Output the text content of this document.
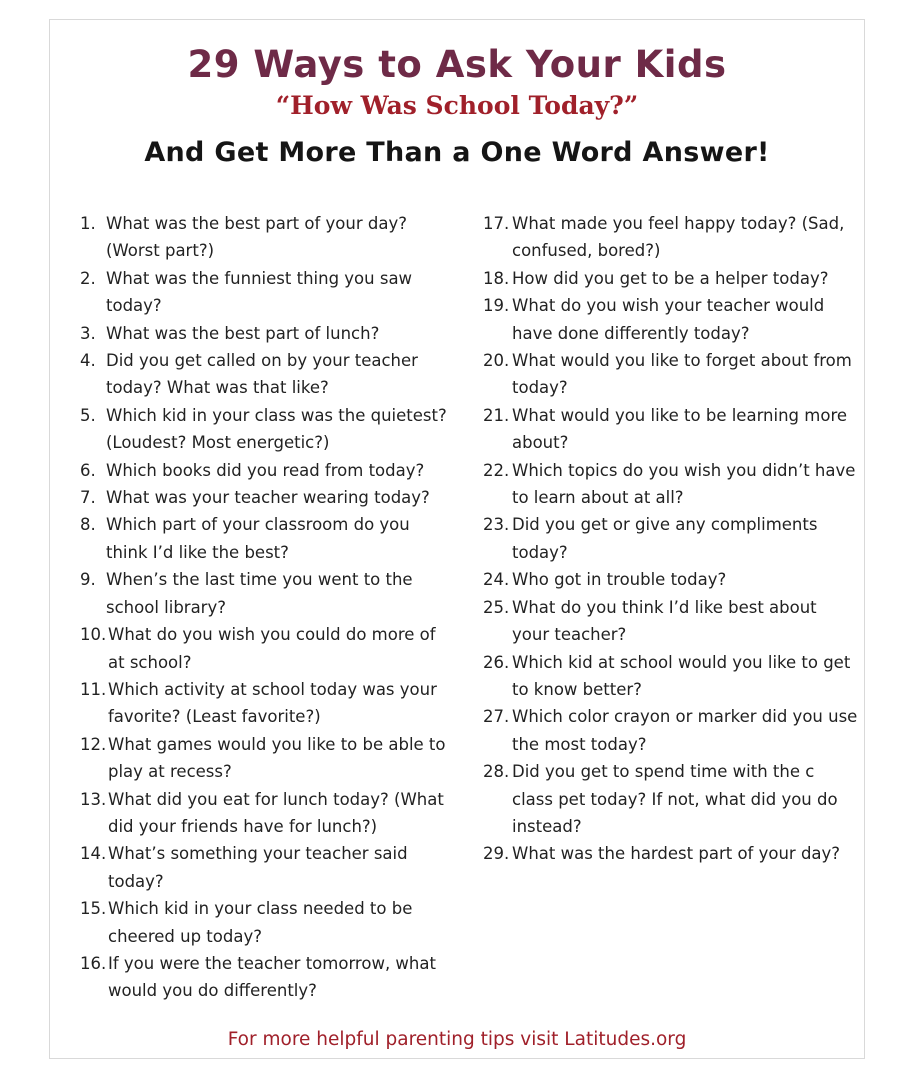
29 Ways to Ask Your Kids
“How Was School Today?”
And Get More Than a One Word Answer!
1. What was the best part of your day? (Worst part?)
2. What was the funniest thing you saw today?
3. What was the best part of lunch?
4. Did you get called on by your teacher today? What was that like?
5. Which kid in your class was the quietest? (Loudest? Most energetic?)
6. Which books did you read from today?
7. What was your teacher wearing today?
8. Which part of your classroom do you think I’d like the best?
9. When’s the last time you went to the school library?
10. What do you wish you could do more of at school?
11. Which activity at school today was your favorite? (Least favorite?)
12. What games would you like to be able to play at recess?
13. What did you eat for lunch today? (What did your friends have for lunch?)
14. What’s something your teacher said today?
15. Which kid in your class needed to be cheered up today?
16. If you were the teacher tomorrow, what would you do differently?
17. What made you feel happy today? (Sad, confused, bored?)
18. How did you get to be a helper today?
19. What do you wish your teacher would have done differently today?
20. What would you like to forget about from today?
21. What would you like to be learning more about?
22. Which topics do you wish you didn’t have to learn about at all?
23. Did you get or give any compliments today?
24. Who got in trouble today?
25. What do you think I’d like best about your teacher?
26. Which kid at school would you like to get to know better?
27. Which color crayon or marker did you use the most today?
28. Did you get to spend time with the c class pet today? If not, what did you do instead?
29. What was the hardest part of your day?
For more helpful parenting tips visit Latitudes.org
